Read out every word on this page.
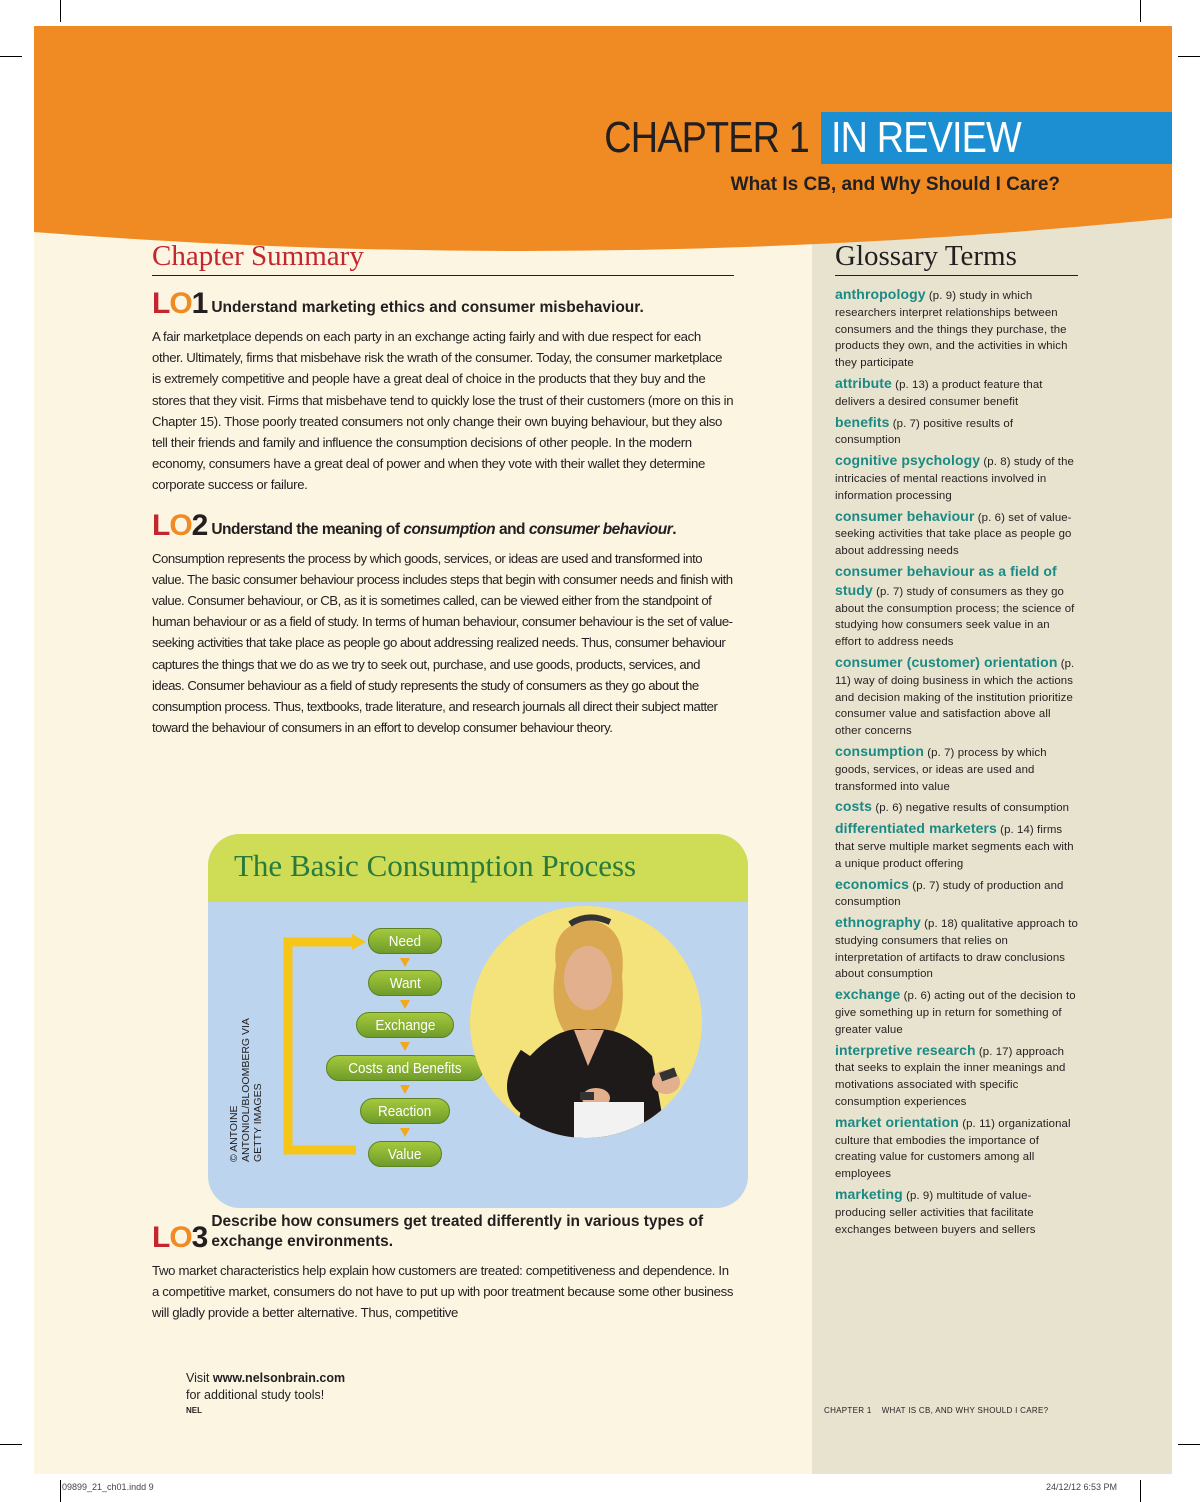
CHAPTER 1 IN REVIEW
What Is CB, and Why Should I Care?
The Basic Consumption Process
© ANTOINE ANTONIOL/BLOOMBERG VIA GETTY IMAGES
Need
Want
Exchange
Costs and Benefits
Reaction
Value
Chapter Summary
LO1 Understand marketing ethics and consumer misbehaviour.
A fair marketplace depends on each party in an exchange acting fairly and with due respect for each other. Ultimately, firms that misbehave risk the wrath of the consumer. Today, the consumer marketplace is extremely competitive and people have a great deal of choice in the products that they buy and the stores that they visit. Firms that misbehave tend to quickly lose the trust of their customers (more on this in Chapter 15). Those poorly treated consumers not only change their own buying behaviour, but they also tell their friends and family and influence the consumption decisions of other people. In the modern economy, consumers have a great deal of power and when they vote with their wallet they determine corporate success or failure.
LO2 Understand the meaning of consumption and consumer behaviour.
Consumption represents the process by which goods, services, or ideas are used and transformed into value. The basic consumer behaviour process includes steps that begin with consumer needs and finish with value. Consumer behaviour, or CB, as it is sometimes called, can be viewed either from the standpoint of human behaviour or as a field of study. In terms of human behaviour, consumer behaviour is the set of value-seeking activities that take place as people go about addressing realized needs. Thus, consumer behaviour captures the things that we do as we try to seek out, purchase, and use goods, products, services, and ideas. Consumer behaviour as a field of study represents the study of consumers as they go about the consumption process. Thus, textbooks, trade literature, and research journals all direct their subject matter toward the behaviour of consumers in an effort to develop consumer behaviour theory.
LO3 Describe how consumers get treated differently in various types of exchange environments.
Two market characteristics help explain how customers are treated: competitiveness and dependence. In a competitive market, consumers do not have to put up with poor treatment because some other business will gladly provide a better alternative. Thus, competitive
Glossary Terms
anthropology (p. 9) study in which researchers interpret relationships between consumers and the things they purchase, the products they own, and the activities in which they participate
attribute (p. 13) a product feature that delivers a desired consumer benefit
benefits (p. 7) positive results of consumption
cognitive psychology (p. 8) study of the intricacies of mental reactions involved in information processing
consumer behaviour (p. 6) set of value-seeking activities that take place as people go about addressing needs
consumer behaviour as a field of study (p. 7) study of consumers as they go about the consumption process; the science of studying how consumers seek value in an effort to address needs
consumer (customer) orientation (p. 11) way of doing business in which the actions and decision making of the institution prioritize consumer value and satisfaction above all other concerns
consumption (p. 7) process by which goods, services, or ideas are used and transformed into value
costs (p. 6) negative results of consumption
differentiated marketers (p. 14) firms that serve multiple market segments each with a unique product offering
economics (p. 7) study of production and consumption
ethnography (p. 18) qualitative approach to studying consumers that relies on interpretation of artifacts to draw conclusions about consumption
exchange (p. 6) acting out of the decision to give something up in return for something of greater value
interpretive research (p. 17) approach that seeks to explain the inner meanings and motivations associated with specific consumption experiences
market orientation (p. 11) organizational culture that embodies the importance of creating value for customers among all employees
marketing (p. 9) multitude of value-producing seller activities that facilitate exchanges between buyers and sellers
Visit www.nelsonbrain.com
for additional study tools!
NEL	CHAPTER 1    WHAT IS CB, AND WHY SHOULD I CARE?
09899_21_ch01.indd 9	24/12/12 6:53 PM
